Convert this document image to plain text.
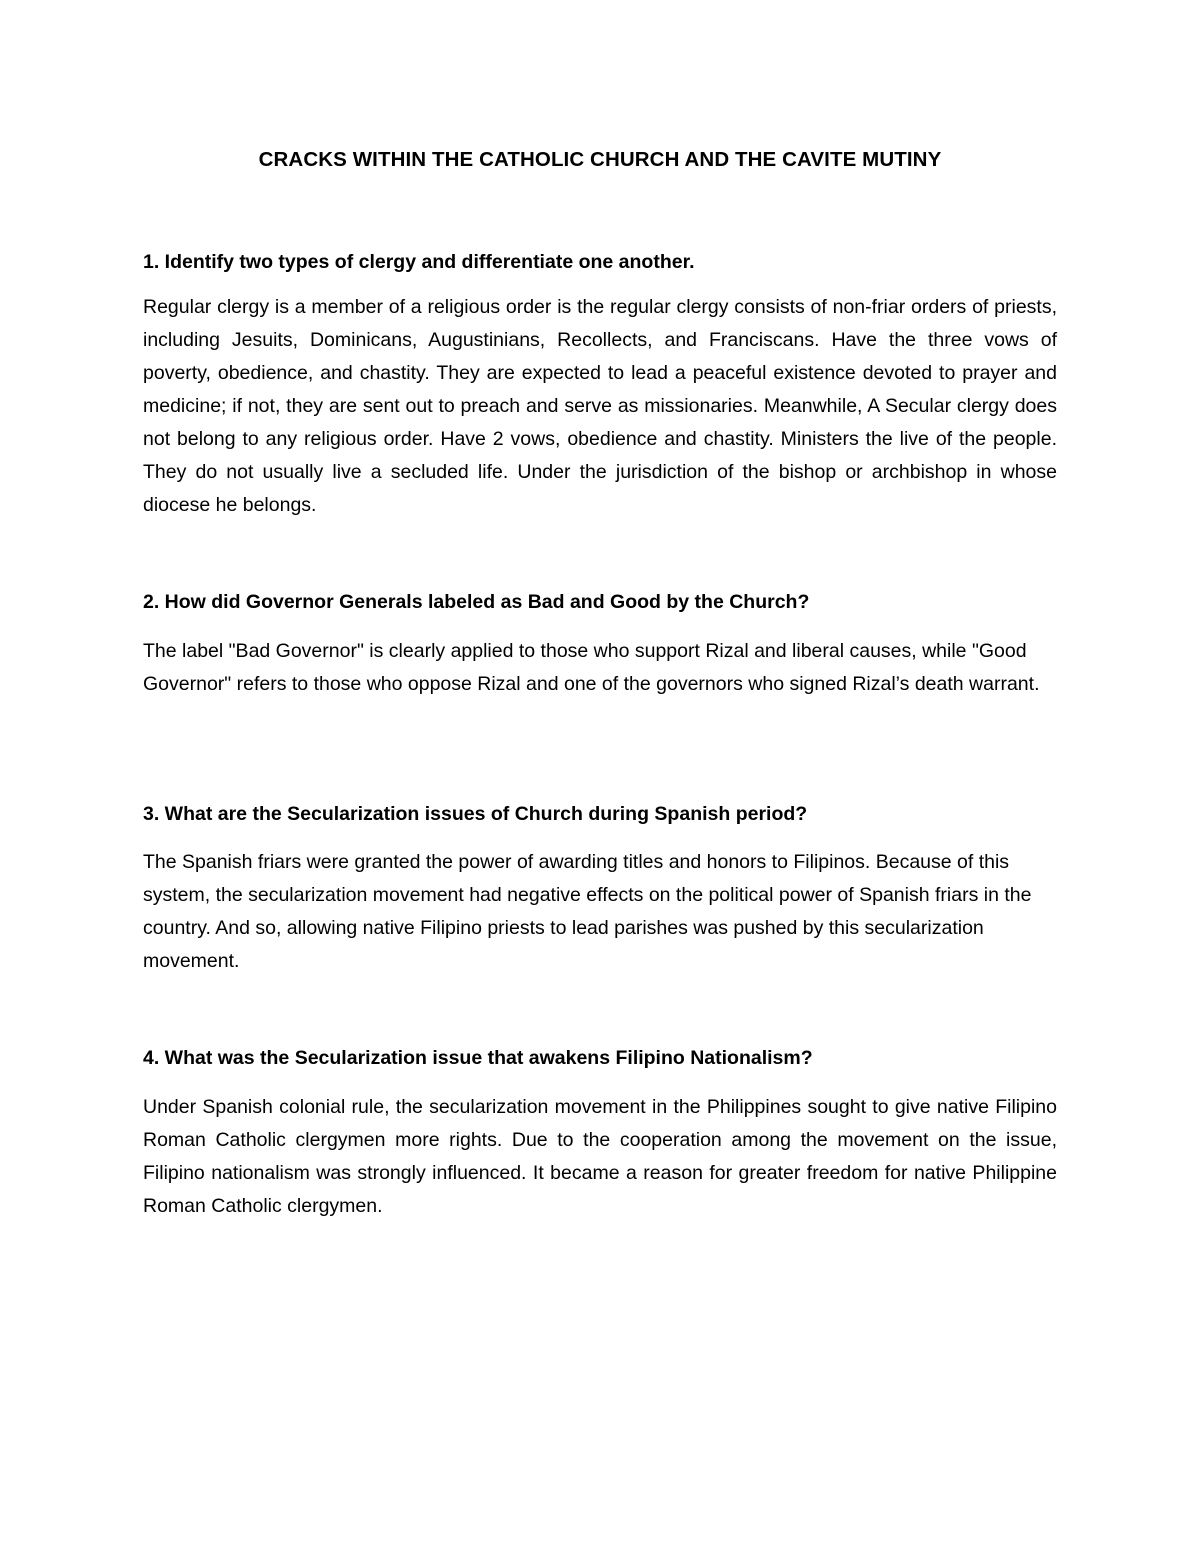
CRACKS WITHIN THE CATHOLIC CHURCH AND THE CAVITE MUTINY

1. Identify two types of clergy and differentiate one another.

Regular clergy is a member of a religious order is the regular clergy consists of non-friar orders of priests, including Jesuits, Dominicans, Augustinians, Recollects, and Franciscans. Have the three vows of poverty, obedience, and chastity. They are expected to lead a peaceful existence devoted to prayer and medicine; if not, they are sent out to preach and serve as missionaries. Meanwhile, A Secular clergy does not belong to any religious order. Have 2 vows, obedience and chastity. Ministers the live of the people. They do not usually live a secluded life. Under the jurisdiction of the bishop or archbishop in whose diocese he belongs.

2. How did Governor Generals labeled as Bad and Good by the Church?

The label "Bad Governor" is clearly applied to those who support Rizal and liberal causes, while "Good Governor" refers to those who oppose Rizal and one of the governors who signed Rizal’s death warrant.

3. What are the Secularization issues of Church during Spanish period?

The Spanish friars were granted the power of awarding titles and honors to Filipinos. Because of this system, the secularization movement had negative effects on the political power of Spanish friars in the country. And so, allowing native Filipino priests to lead parishes was pushed by this secularization movement.

4. What was the Secularization issue that awakens Filipino Nationalism?

Under Spanish colonial rule, the secularization movement in the Philippines sought to give native Filipino Roman Catholic clergymen more rights. Due to the cooperation among the movement on the issue, Filipino nationalism was strongly influenced. It became a reason for greater freedom for native Philippine Roman Catholic clergymen.
